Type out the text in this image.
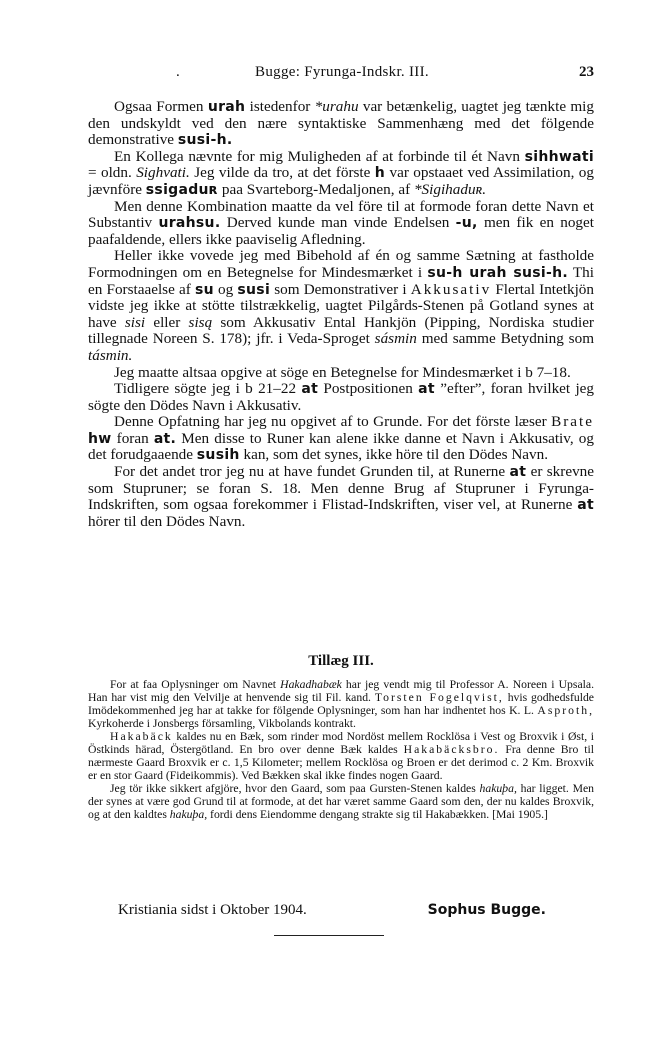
.	Bugge: Fyrunga-Indskr. III.	23

Ogsaa Formen urah istedenfor *urahu var betænkelig, uagtet jeg tænkte mig den undskyldt ved den nære syntaktiske Sammenhæng med det fölgende demonstrative susi-h.

En Kollega nævnte for mig Muligheden af at forbinde til ét Navn sihhwati = oldn. Sighvati. Jeg vilde da tro, at det förste h var opstaaet ved Assimilation, og jævnföre ssigaduʀ paa Svarteborg-Medaljonen, af *Sigihaduʀ.

Men denne Kombination maatte da vel före til at formode foran dette Navn et Substantiv urahsu. Derved kunde man vinde Endelsen -u, men fik en noget paafaldende, ellers ikke paaviselig Afledning.

Heller ikke vovede jeg med Bibehold af én og samme Sætning at fastholde Formodningen om en Betegnelse for Mindesmærket i su-h urah susi-h. Thi en Forstaaelse af su og susi som Demonstrativer i Akkusativ Flertal Intetkjön vidste jeg ikke at stötte tilstrækkelig, uagtet Pilgårds-Stenen på Gotland synes at have sisi eller sisą som Akkusativ Ental Hankjön (Pipping, Nordiska studier tillegnade Noreen S. 178); jfr. i Veda-Sproget sásmin med samme Betydning som tásmin.

Jeg maatte altsaa opgive at söge en Betegnelse for Mindesmærket i b 7–18.

Tidligere sögte jeg i b 21–22 at Postpositionen at ”efter”, foran hvilket jeg sögte den Dödes Navn i Akkusativ.

Denne Opfatning har jeg nu opgivet af to Grunde. For det förste læser Brate hw foran at. Men disse to Runer kan alene ikke danne et Navn i Akkusativ, og det forudgaaende susih kan, som det synes, ikke höre til den Dödes Navn.

For det andet tror jeg nu at have fundet Grunden til, at Runerne at er skrevne som Stupruner; se foran S. 18. Men denne Brug af Stupruner i Fyrunga-Indskriften, som ogsaa forekommer i Flistad-Indskriften, viser vel, at Runerne at hörer til den Dödes Navn.

Tillæg III.

For at faa Oplysninger om Navnet Hakadhabæk har jeg vendt mig til Professor A. Noreen i Upsala. Han har vist mig den Velvilje at henvende sig til Fil. kand. Torsten Fogelqvist, hvis godhedsfulde Imödekommenhed jeg har at takke for fölgende Oplysninger, som han har indhentet hos K. L. Asproth, Kyrkoherde i Jonsbergs församling, Vikbolands kontrakt.

Hakabäck kaldes nu en Bæk, som rinder mod Nordöst mellem Rocklösa i Vest og Broxvik i Øst, i Östkinds härad, Östergötland. En bro over denne Bæk kaldes Hakabäcksbro. Fra denne Bro til nærmeste Gaard Broxvik er c. 1,5 Kilometer; mellem Rocklösa og Broen er det derimod c. 2 Km. Broxvik er en stor Gaard (Fideikommis). Ved Bækken skal ikke findes nogen Gaard.

Jeg tör ikke sikkert afgjöre, hvor den Gaard, som paa Gursten-Stenen kaldes hakuþa, har ligget. Men der synes at være god Grund til at formode, at det har været samme Gaard som den, der nu kaldes Broxvik, og at den kaldtes hakuþa, fordi dens Eiendomme dengang strakte sig til Hakabækken. [Mai 1905.]

Kristiania sidst i Oktober 1904.	Sophus Bugge.
